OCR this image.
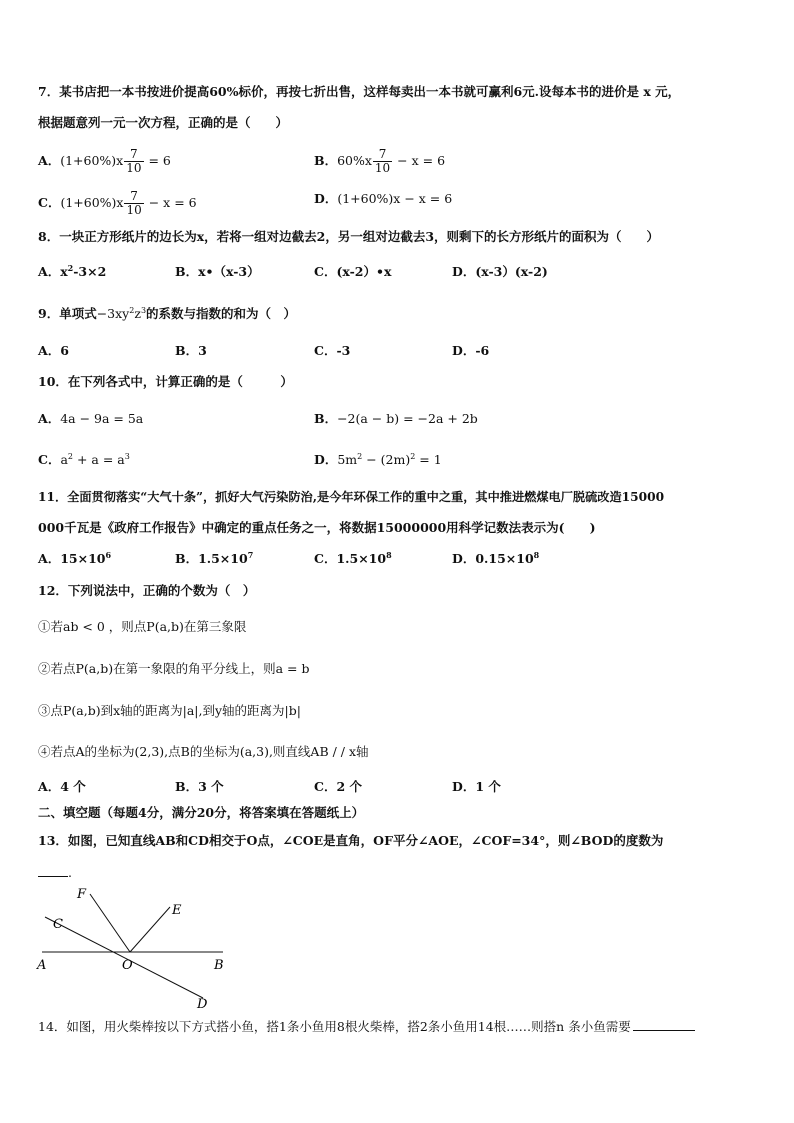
7．某书店把一本书按进价提高60%标价，再按七折出售，这样每卖出一本书就可赢利6元.设每本书的进价是 x 元，
根据题意列一元一次方程，正确的是（　　）
A．$(1+60\%)x \frac{7}{10} = 6$	B．$60\%x \frac{7}{10} - x = 6$
C．$(1+60\%)x \frac{7}{10} - x = 6$	D．(1+60%)x − x = 6
8．一块正方形纸片的边长为x，若将一组对边截去2，另一组对边截去3，则剩下的长方形纸片的面积为（　　）
A．$x^2-3\times 2$	B．x•（x-3）	C．(x-2）•x	D．(x-3）(x-2)
9．单项式$-3xy^2z^3$的系数与指数的和为（　）
A．6	B．3	C．-3	D．-6
10．在下列各式中，计算正确的是（　　　）
A．4a − 9a = 5a	B．−2(a − b) = −2a + 2b
C．$a^2 + a = a^3$	D．$5m^2 - (2m)^2 = 1$
11．全面贯彻落实“大气十条”，抓好大气污染防治,是今年环保工作的重中之重，其中推进燃煤电厂脱硫改造15000
000千瓦是《政府工作报告》中确定的重点任务之一，将数据15000000用科学记数法表示为(　　)
A．$15\times 10^6$	B．$1.5\times 10^7$	C．$1.5\times 10^8$	D．$0.15\times 10^8$
12．下列说法中，正确的个数为（　）
①若ab < 0 ，则点P(a,b)在第三象限
②若点P(a,b)在第一象限的角平分线上，则a = b
③点P(a,b)到x轴的距离为|a|,到y轴的距离为|b|
④若点A的坐标为(2,3),点B的坐标为(a,3),则直线AB / / x轴
A．4 个	B．3 个	C．2 个	D．1 个
二、填空题（每题4分，满分20分，将答案填在答题纸上）
13．如图，已知直线AB和CD相交于O点，∠COE是直角，OF平分∠AOE，∠COF=34°，则∠BOD的度数为
.
F
C
E
A	O	B
D
14．如图，用火柴棒按以下方式搭小鱼，搭1条小鱼用8根火柴棒，搭2条小鱼用14根……则搭n 条小鱼需要
